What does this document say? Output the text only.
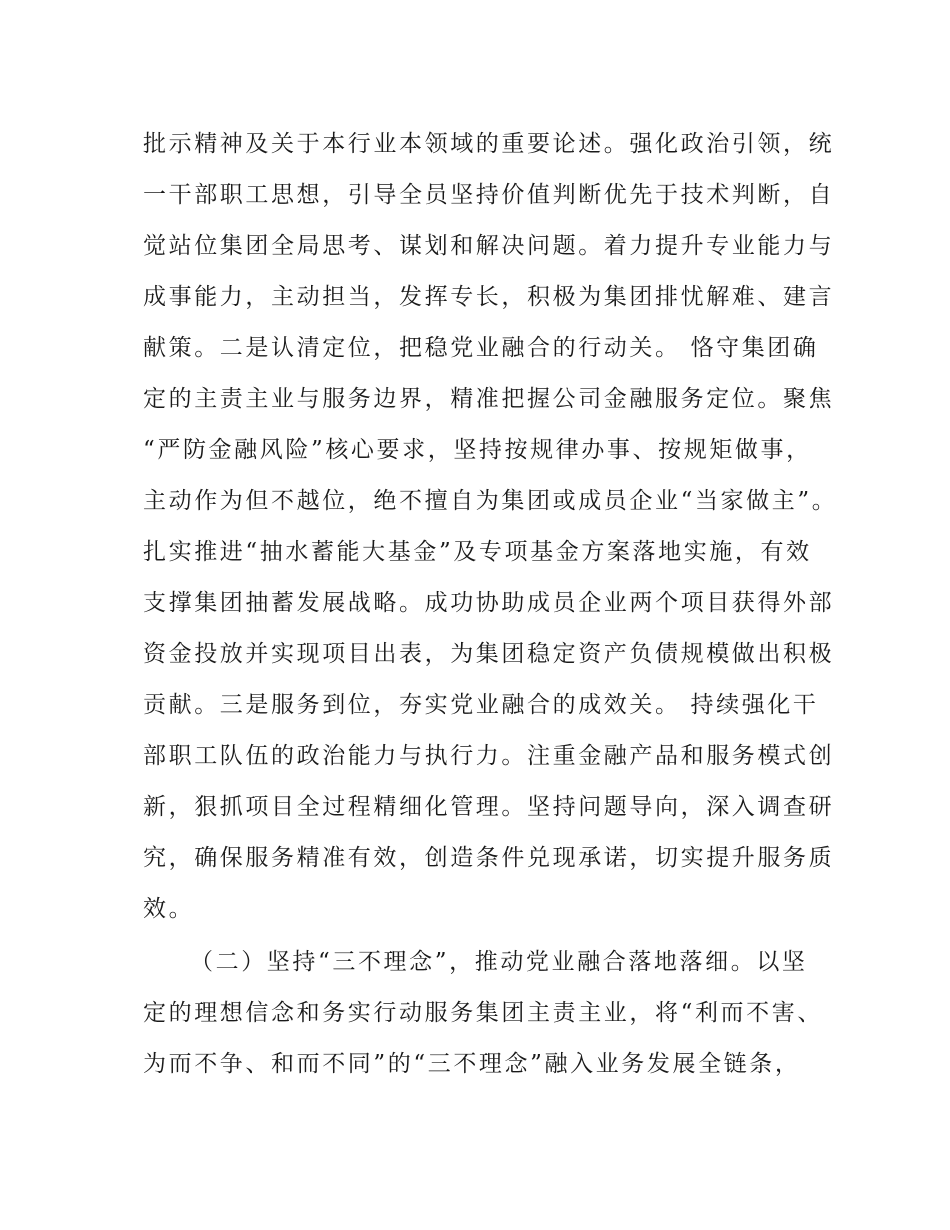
批示精神及关于本行业本领域的重要论述。强化政治引领，统
一干部职工思想，引导全员坚持价值判断优先于技术判断，自
觉站位集团全局思考、谋划和解决问题。着力提升专业能力与
成事能力，主动担当，发挥专长，积极为集团排忧解难、建言
献策。二是认清定位，把稳党业融合的行动关。 恪守集团确
定的主责主业与服务边界，精准把握公司金融服务定位。聚焦
“严防金融风险”核心要求，坚持按规律办事、按规矩做事，
主动作为但不越位，绝不擅自为集团或成员企业“当家做主”。
扎实推进“抽水蓄能大基金”及专项基金方案落地实施，有效
支撑集团抽蓄发展战略。成功协助成员企业两个项目获得外部
资金投放并实现项目出表，为集团稳定资产负债规模做出积极
贡献。三是服务到位，夯实党业融合的成效关。 持续强化干
部职工队伍的政治能力与执行力。注重金融产品和服务模式创
新，狠抓项目全过程精细化管理。坚持问题导向，深入调查研
究，确保服务精准有效，创造条件兑现承诺，切实提升服务质
效。
（二）坚持“三不理念”，推动党业融合落地落细。以坚
定的理想信念和务实行动服务集团主责主业，将“利而不害、
为而不争、和而不同”的“三不理念”融入业务发展全链条，
